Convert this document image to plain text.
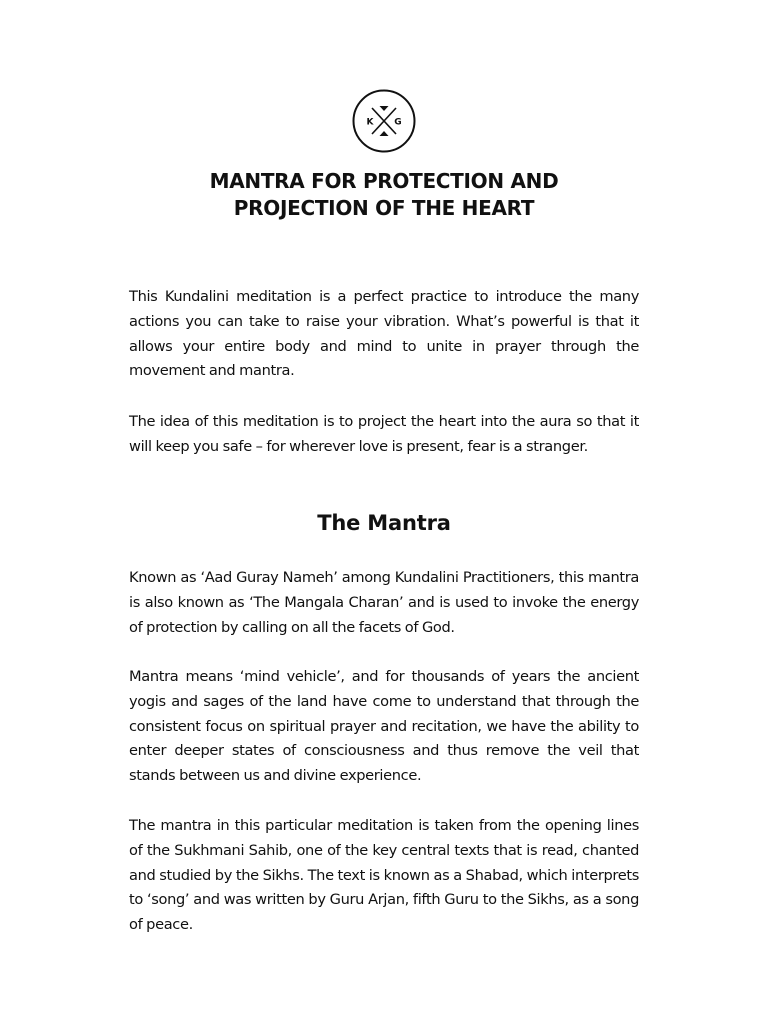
K G
MANTRA FOR PROTECTION AND
PROJECTION OF THE HEART

This Kundalini meditation is a perfect practice to introduce the many actions you can take to raise your vibration. What’s powerful is that it allows your entire body and mind to unite in prayer through the movement and mantra.

The idea of this meditation is to project the heart into the aura so that it will keep you safe – for wherever love is present, fear is a stranger.

The Mantra

Known as ‘Aad Guray Nameh’ among Kundalini Practitioners, this mantra is also known as ‘The Mangala Charan’ and is used to invoke the energy of protection by calling on all the facets of God.

Mantra means ‘mind vehicle’, and for thousands of years the ancient yogis and sages of the land have come to understand that through the consistent focus on spiritual prayer and recitation, we have the ability to enter deeper states of consciousness and thus remove the veil that stands between us and divine experience.

The mantra in this particular meditation is taken from the opening lines of the Sukhmani Sahib, one of the key central texts that is read, chanted and studied by the Sikhs. The text is known as a Shabad, which interprets to ‘song’ and was written by Guru Arjan, fifth Guru to the Sikhs, as a song of peace.
